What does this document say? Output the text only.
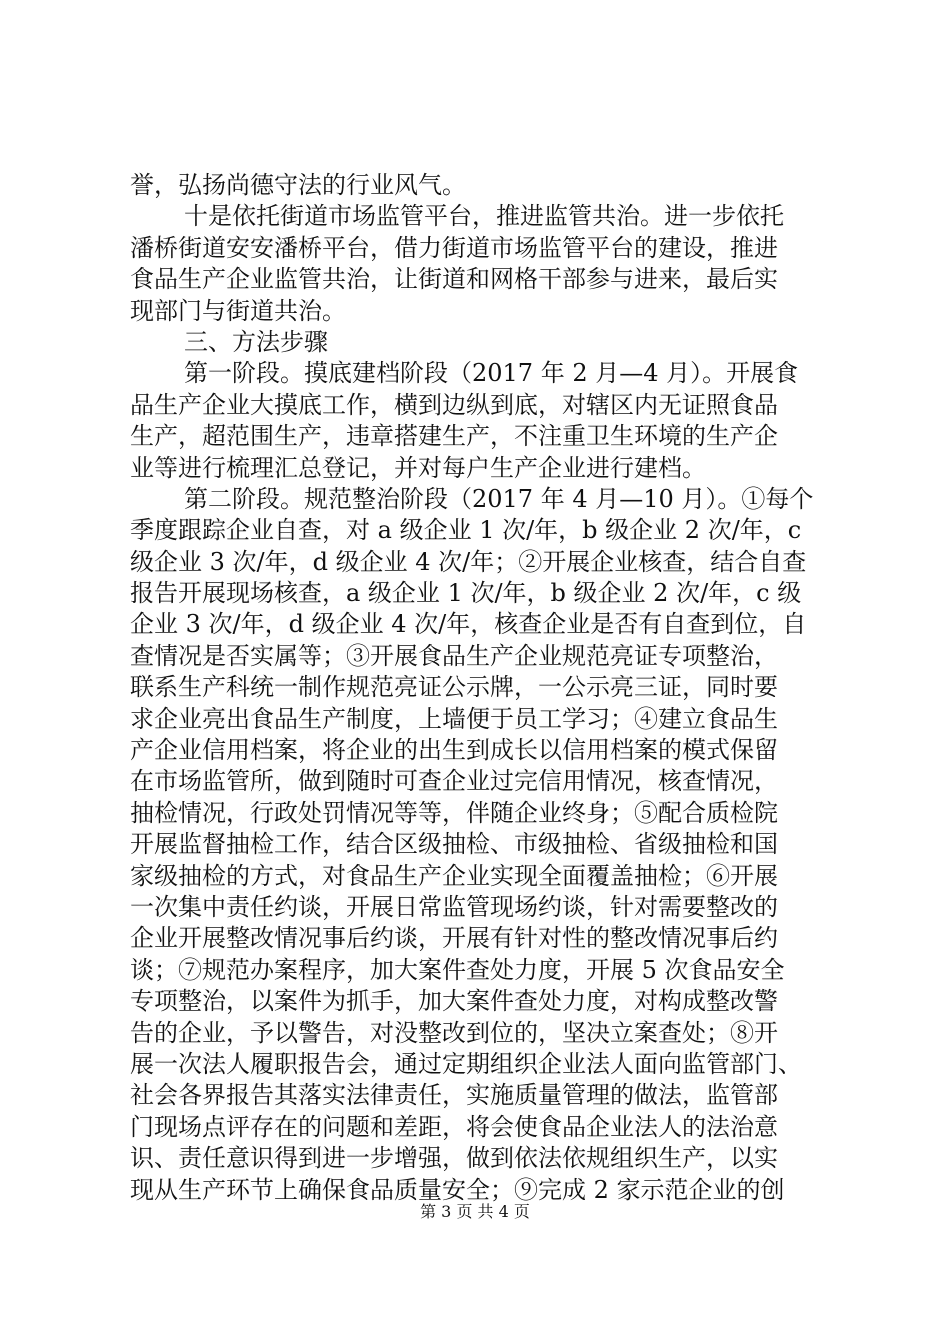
誉，弘扬尚德守法的行业风气。
十是依托街道市场监管平台，推进监管共治。进一步依托
潘桥街道安安潘桥平台，借力街道市场监管平台的建设，推进
食品生产企业监管共治，让街道和网格干部参与进来，最后实
现部门与街道共治。
三、方法步骤
第一阶段。摸底建档阶段（2017 年 2 月—4 月）。开展食
品生产企业大摸底工作，横到边纵到底，对辖区内无证照食品
生产，超范围生产，违章搭建生产，不注重卫生环境的生产企
业等进行梳理汇总登记，并对每户生产企业进行建档。
第二阶段。规范整治阶段（2017 年 4 月—10 月）。①每个
季度跟踪企业自查，对 a 级企业 1 次/年，b 级企业 2 次/年，c
级企业 3 次/年，d 级企业 4 次/年；②开展企业核查，结合自查
报告开展现场核查，a 级企业 1 次/年，b 级企业 2 次/年，c 级
企业 3 次/年，d 级企业 4 次/年，核查企业是否有自查到位，自
查情况是否实属等；③开展食品生产企业规范亮证专项整治，
联系生产科统一制作规范亮证公示牌，一公示亮三证，同时要
求企业亮出食品生产制度，上墙便于员工学习；④建立食品生
产企业信用档案，将企业的出生到成长以信用档案的模式保留
在市场监管所，做到随时可查企业过完信用情况，核查情况，
抽检情况，行政处罚情况等等，伴随企业终身；⑤配合质检院
开展监督抽检工作，结合区级抽检、市级抽检、省级抽检和国
家级抽检的方式，对食品生产企业实现全面覆盖抽检；⑥开展
一次集中责任约谈，开展日常监管现场约谈，针对需要整改的
企业开展整改情况事后约谈，开展有针对性的整改情况事后约
谈；⑦规范办案程序，加大案件查处力度，开展 5 次食品安全
专项整治，以案件为抓手，加大案件查处力度，对构成整改警
告的企业，予以警告，对没整改到位的，坚决立案查处；⑧开
展一次法人履职报告会，通过定期组织企业法人面向监管部门、
社会各界报告其落实法律责任，实施质量管理的做法，监管部
门现场点评存在的问题和差距，将会使食品企业法人的法治意
识、责任意识得到进一步增强，做到依法依规组织生产，以实
现从生产环节上确保食品质量安全；⑨完成 2 家示范企业的创
第 3 页 共 4 页
